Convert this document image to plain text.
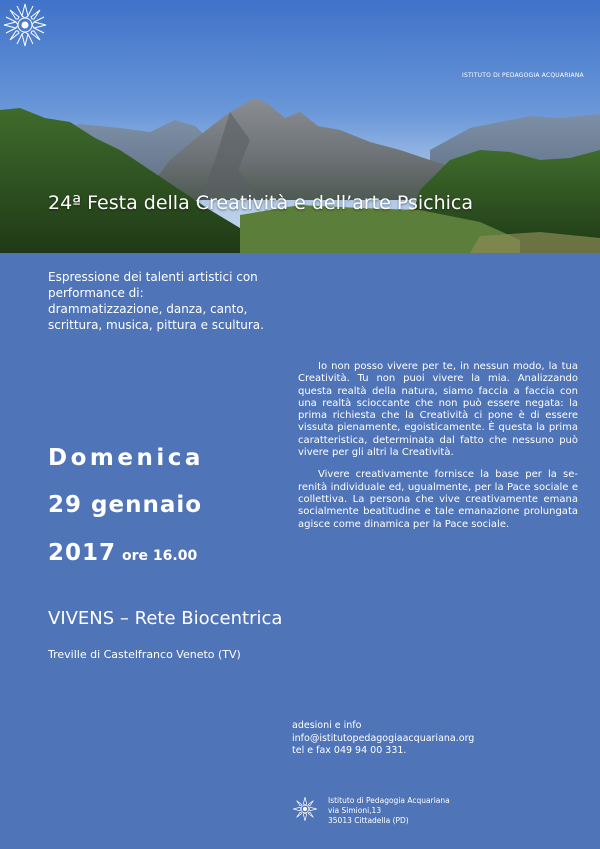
ISTITUTO DI PEDAGOGIA ACQUARIANA
24ª Festa della Creatività e dell’arte Psichica

Espressione dei talenti artistici con

performance di:

drammatizzazione, danza, canto,

scrittura, musica, pittura e scultura.

Io non posso vivere per te, in nessun modo, la tua Creatività. Tu non puoi vivere la mia. Analizzando questa realtà della natura, siamo faccia a faccia con una realtà scioccante che non può essere negata: la prima richiesta che la Creatività ci pone è di essere vissuta pienamente, egoisticamente. È questa la prima caratteristica, determinata dal fatto che nessuno può vivere per gli altri la Creatività.

Vivere creativamente fornisce la base per la se-renità individuale ed, ugualmente, per la Pace sociale e collettiva. La persona che vive creativamente emana socialmente beatitudine e tale emanazione prolungata agisce come dinamica per la Pace sociale.

Domenica
29 gennaio
2017 ore 16.00
VIVENS – Rete Biocentrica
Treville di Castelfranco Veneto (TV)
adesioni e info
info@istitutopedagogiaacquariana.org
tel e fax 049 94 00 331.
Istituto di Pedagogia Acquariana
via Simioni,13
35013 Cittadella (PD)
